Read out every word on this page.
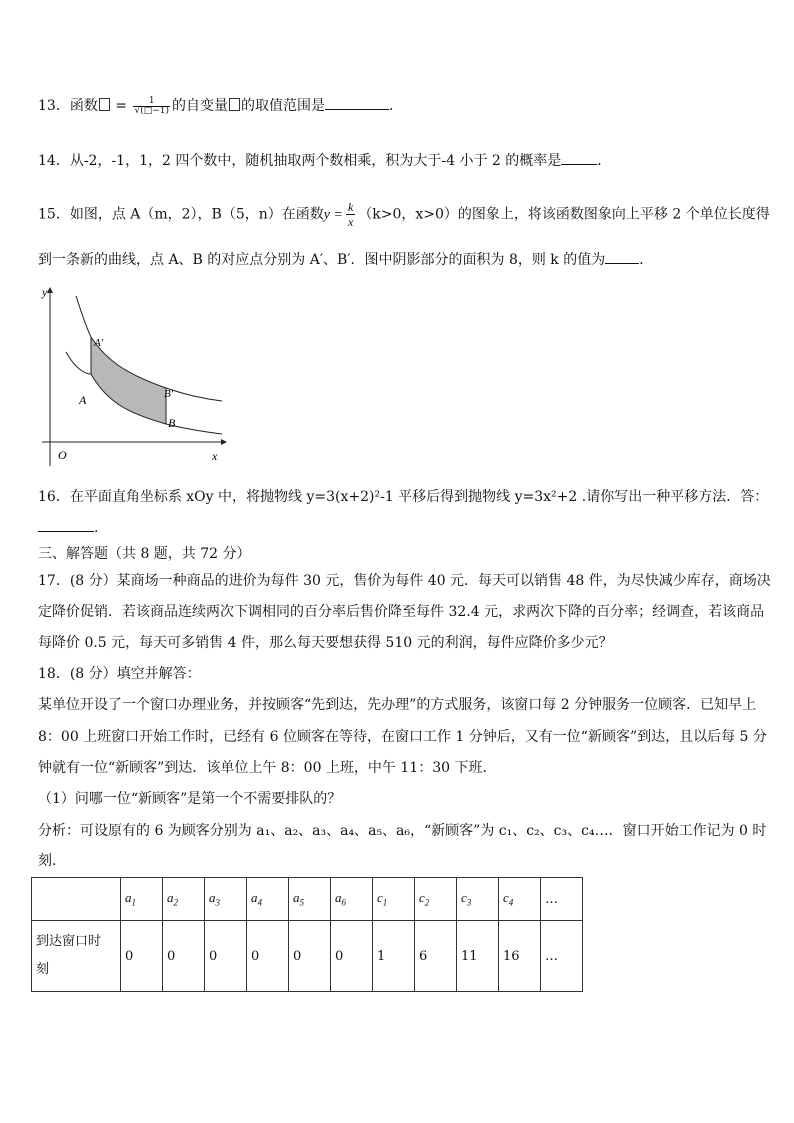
13．函数 = $\frac{1}{√(□-1)}$ 的自变量 的取值范围是	．
14．从-2，-1，1，2 四个数中，随机抽取两个数相乘，积为大于-4 小于 2 的概率是	．
15．如图，点 A（m，2），B（5，n）在函数$y = \frac{k}{x} (k>0$，x>0）的图象上，将该函数图象向上平移 2 个单位长度得
到一条新的曲线，点 A、B 的对应点分别为 A′、B′．图中阴影部分的面积为 8，则 k 的值为 ．
y
x
O
A′
A	B′
B
16．在平面直角坐标系 xOy 中，将抛物线 y=3(x+2)²-1 平移后得到抛物线 y=3x²+2 .请你写出一种平移方法．答：
.
三、解答题（共 8 题，共 72 分）
17．(8 分）某商场一种商品的进价为每件 30 元，售价为每件 40 元．每天可以销售 48 件，为尽快减少库存，商场决
定降价促销．若该商品连续两次下调相同的百分率后售价降至每件 32.4 元，求两次下降的百分率；经调查，若该商品
每降价 0.5 元，每天可多销售 4 件，那么每天要想获得 510 元的利润，每件应降价多少元？
18．(8 分）填空并解答：
某单位开设了一个窗口办理业务，并按顾客“先到达，先办理”的方式服务，该窗口每 2 分钟服务一位顾客．已知早上
8：00 上班窗口开始工作时，已经有 6 位顾客在等待，在窗口工作 1 分钟后，又有一位“新顾客”到达，且以后每 5 分
钟就有一位“新顾客”到达．该单位上午 8：00 上班，中午 11：30 下班．
（1）问哪一位“新顾客”是第一个不需要排队的？
分析：可设原有的 6 为顾客分别为 a₁、a₂、a₃、a₄、a₅、a₆，“新顾客”为 c₁、c₂、c₃、c₄…．窗口开始工作记为 0 时
刻．
	$a_1$	$a_2$	$a_3$	$a_4$	$a_5$	$a_6$	$c_1$	$c_2$	$c_3$	$c_4$	…
到达窗口时
刻	0	0	0	0	0	0	1	6	11	16	…
